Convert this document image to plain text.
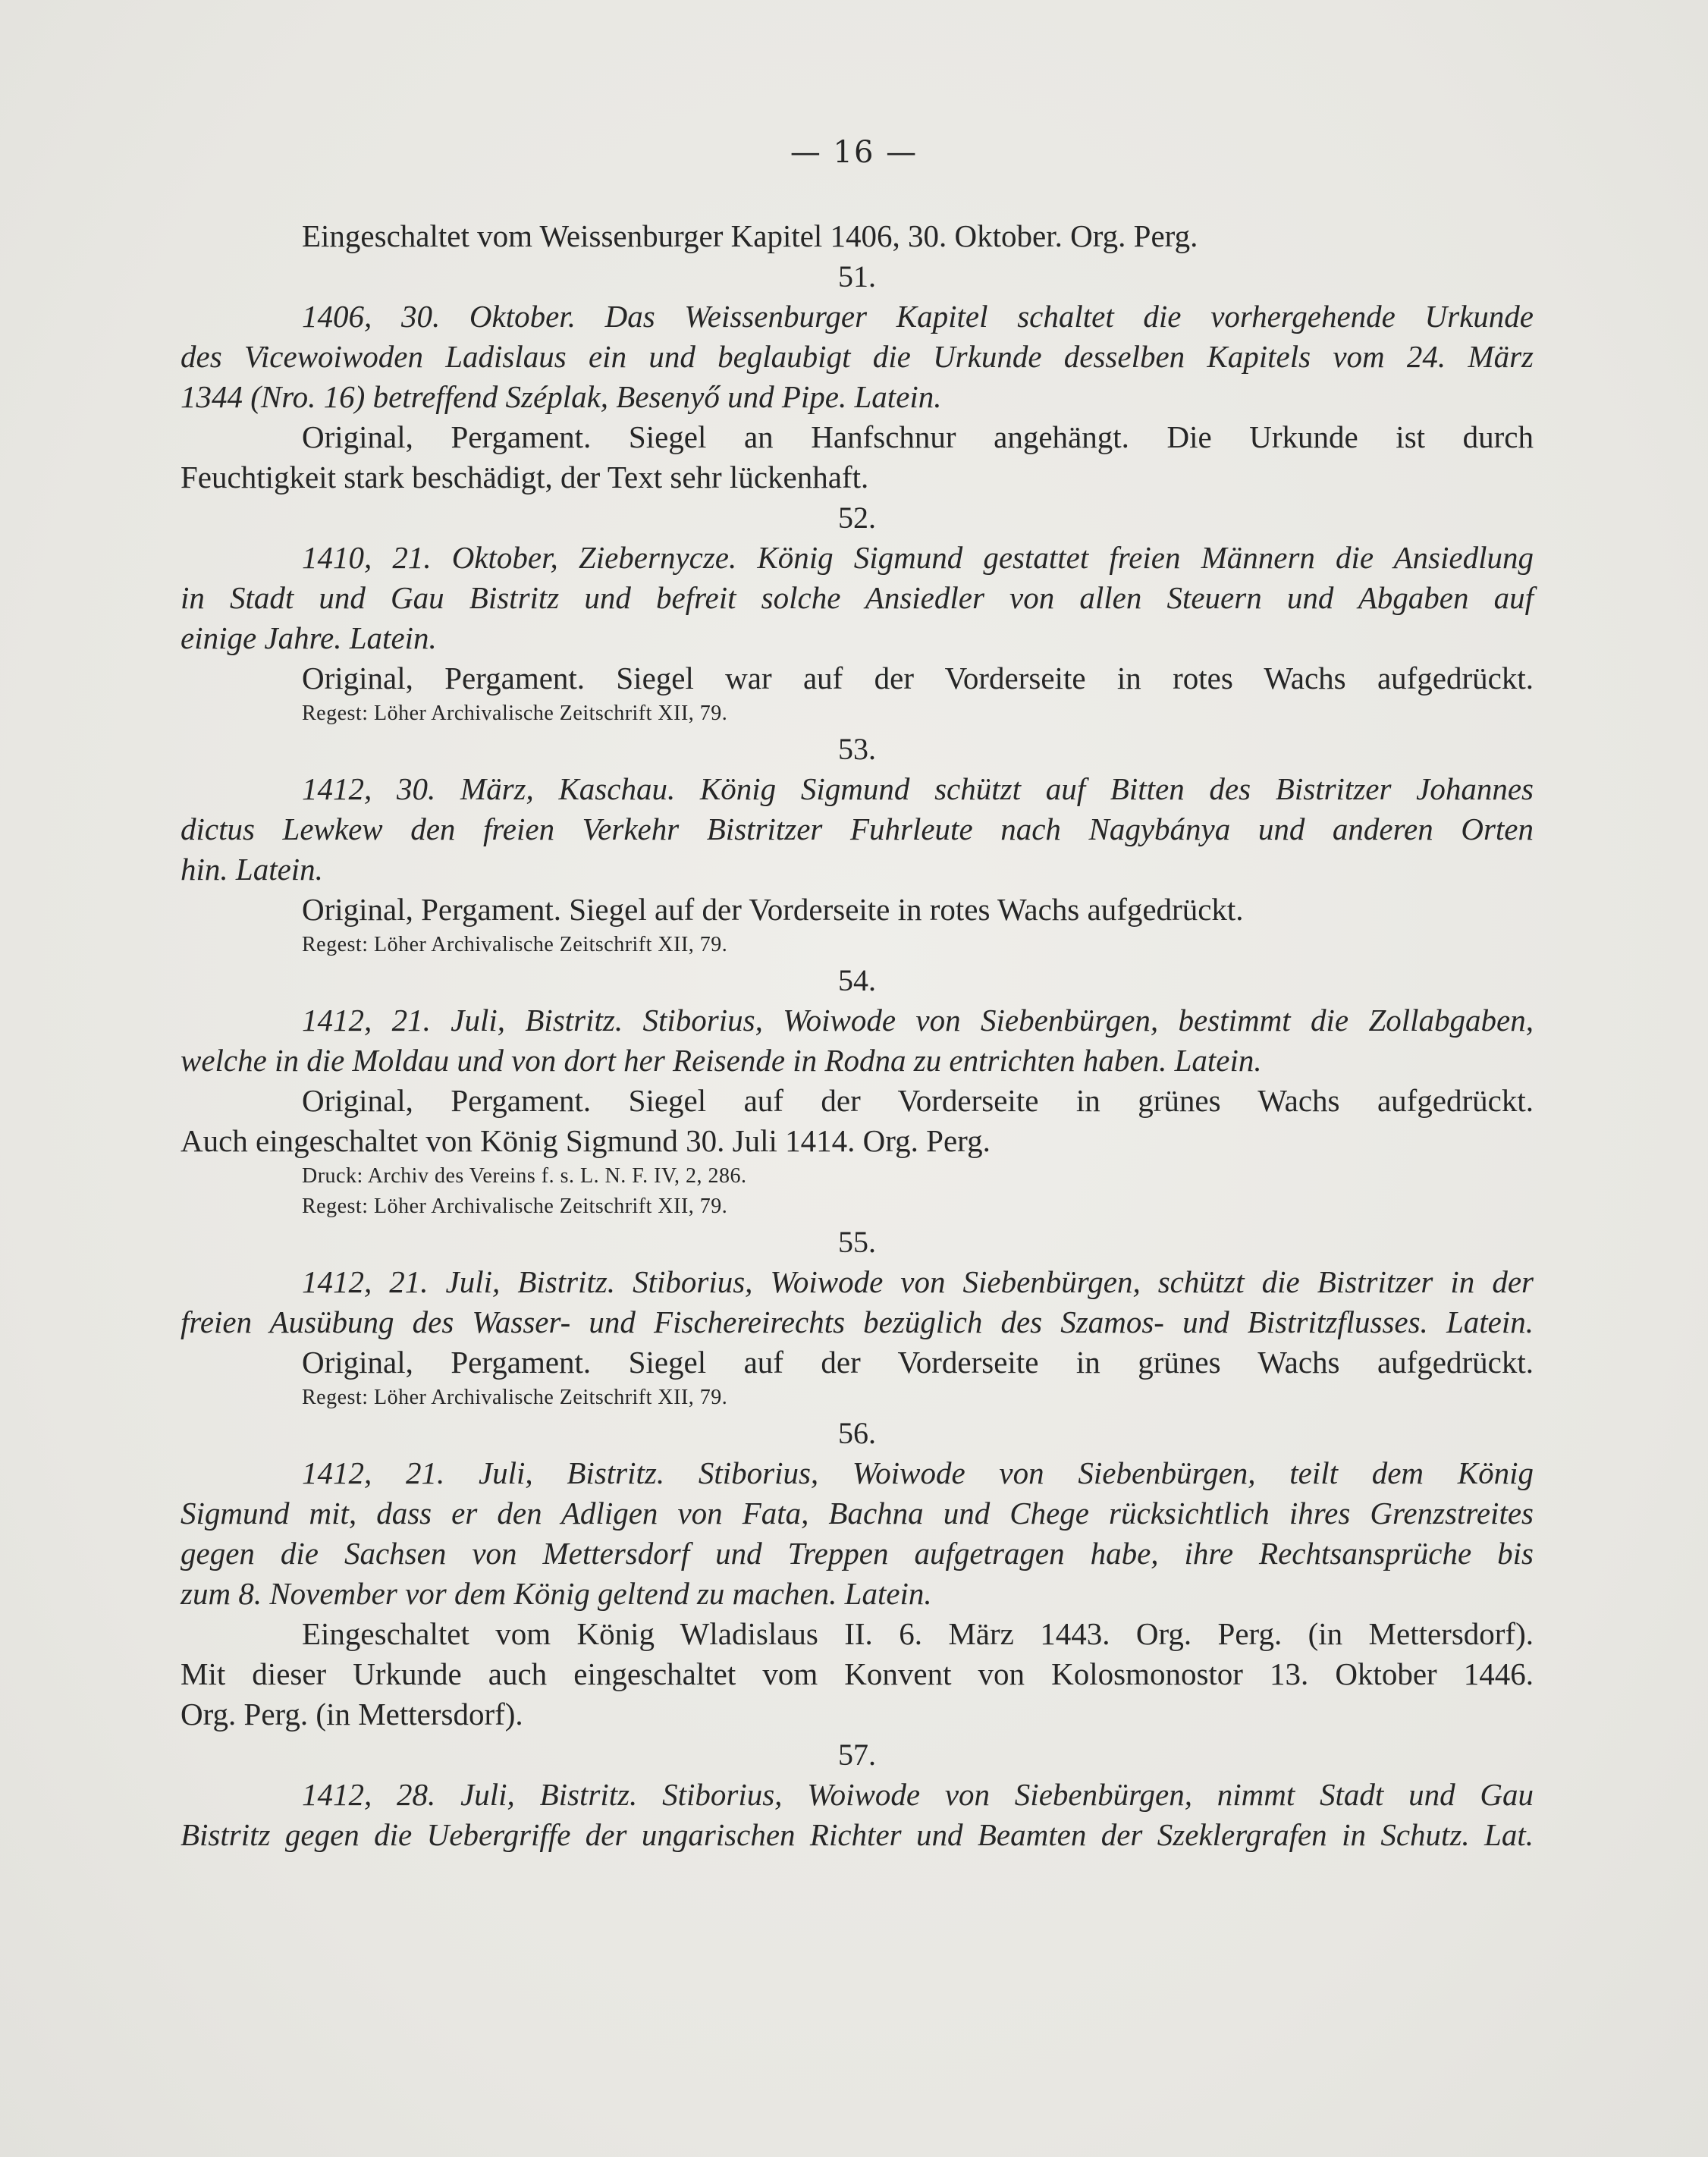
— 16 —
Eingeschaltet vom Weissenburger Kapitel 1406, 30. Oktober. Org. Perg.
51.
1406, 30. Oktober. Das Weissenburger Kapitel schaltet die vorhergehende Urkunde
des Vicewoiwoden Ladislaus ein und beglaubigt die Urkunde desselben Kapitels vom 24. März
1344 (Nro. 16) betreffend Széplak, Besenyő und Pipe. Latein.
Original, Pergament. Siegel an Hanfschnur angehängt. Die Urkunde ist durch
Feuchtigkeit stark beschädigt, der Text sehr lückenhaft.
52.
1410, 21. Oktober, Ziebernycze. König Sigmund gestattet freien Männern die Ansiedlung
in Stadt und Gau Bistritz und befreit solche Ansiedler von allen Steuern und Abgaben auf
einige Jahre. Latein.
Original, Pergament. Siegel war auf der Vorderseite in rotes Wachs aufgedrückt.
Regest: Löher Archivalische Zeitschrift XII, 79.
53.
1412, 30. März, Kaschau. König Sigmund schützt auf Bitten des Bistritzer Johannes
dictus Lewkew den freien Verkehr Bistritzer Fuhrleute nach Nagybánya und anderen Orten
hin. Latein.
Original, Pergament. Siegel auf der Vorderseite in rotes Wachs aufgedrückt.
Regest: Löher Archivalische Zeitschrift XII, 79.
54.
1412, 21. Juli, Bistritz. Stiborius, Woiwode von Siebenbürgen, bestimmt die Zollabgaben,
welche in die Moldau und von dort her Reisende in Rodna zu entrichten haben. Latein.
Original, Pergament. Siegel auf der Vorderseite in grünes Wachs aufgedrückt.
Auch eingeschaltet von König Sigmund 30. Juli 1414. Org. Perg.
Druck: Archiv des Vereins f. s. L. N. F. IV, 2, 286.
Regest: Löher Archivalische Zeitschrift XII, 79.
55.
1412, 21. Juli, Bistritz. Stiborius, Woiwode von Siebenbürgen, schützt die Bistritzer in der
freien Ausübung des Wasser- und Fischereirechts bezüglich des Szamos- und Bistritzflusses. Latein.
Original, Pergament. Siegel auf der Vorderseite in grünes Wachs aufgedrückt.
Regest: Löher Archivalische Zeitschrift XII, 79.
56.
1412, 21. Juli, Bistritz. Stiborius, Woiwode von Siebenbürgen, teilt dem König
Sigmund mit, dass er den Adligen von Fata, Bachna und Chege rücksichtlich ihres Grenzstreites
gegen die Sachsen von Mettersdorf und Treppen aufgetragen habe, ihre Rechtsansprüche bis
zum 8. November vor dem König geltend zu machen. Latein.
Eingeschaltet vom König Wladislaus II. 6. März 1443. Org. Perg. (in Mettersdorf).
Mit dieser Urkunde auch eingeschaltet vom Konvent von Kolosmonostor 13. Oktober 1446.
Org. Perg. (in Mettersdorf).
57.
1412, 28. Juli, Bistritz. Stiborius, Woiwode von Siebenbürgen, nimmt Stadt und Gau
Bistritz gegen die Uebergriffe der ungarischen Richter und Beamten der Szeklergrafen in Schutz. Lat.
